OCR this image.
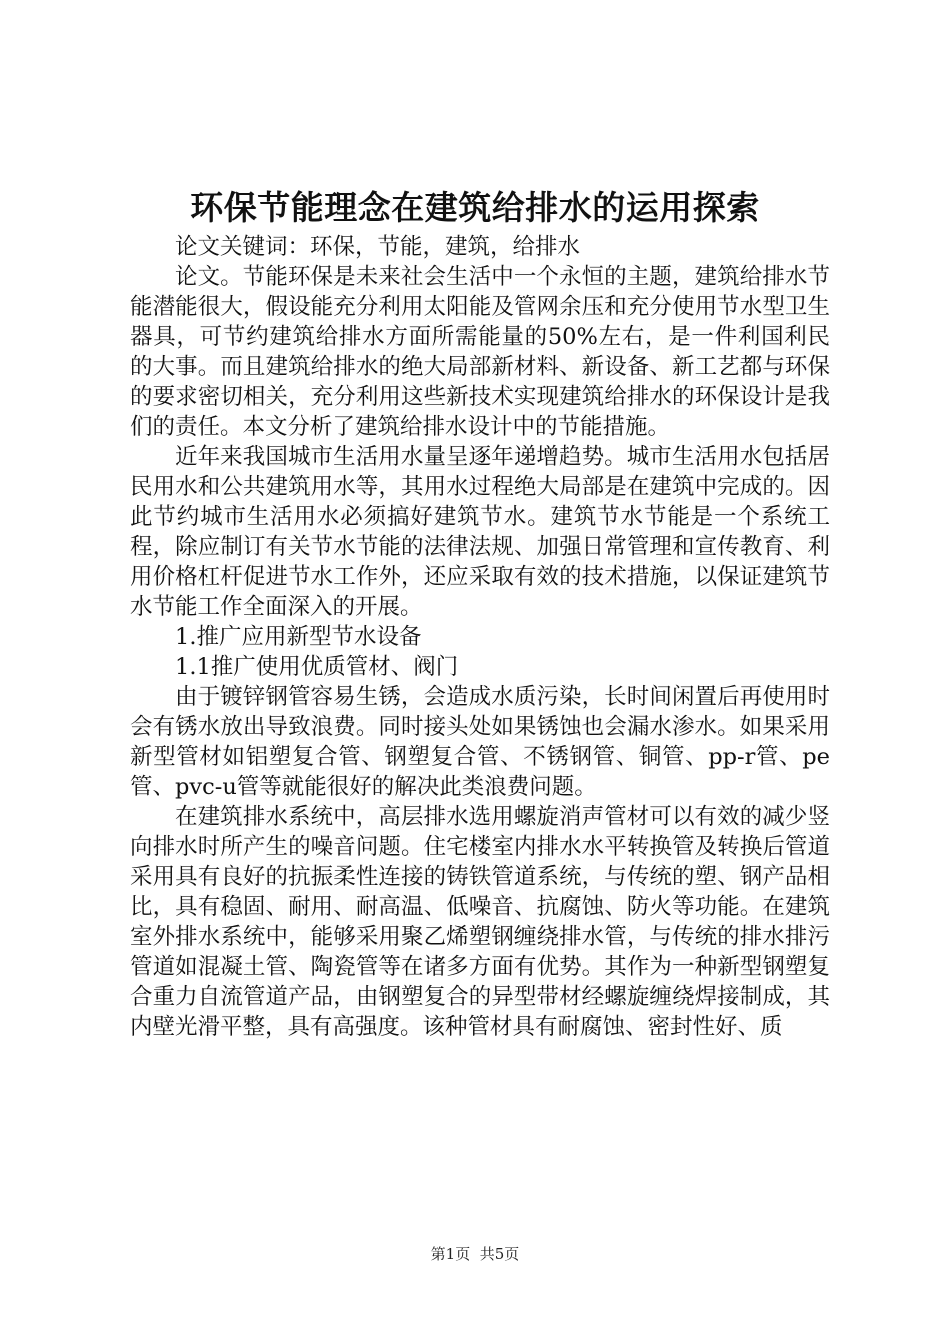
环保节能理念在建筑给排水的运用探索

论文关键词：环保，节能，建筑，给排水

论文。节能环保是未来社会生活中一个永恒的主题，建筑给排水节能潜能很大，假设能充分利用太阳能及管网余压和充分使用节水型卫生器具，可节约建筑给排水方面所需能量的50%左右，是一件利国利民的大事。而且建筑给排水的绝大局部新材料、新设备、新工艺都与环保的要求密切相关，充分利用这些新技术实现建筑给排水的环保设计是我们的责任。本文分析了建筑给排水设计中的节能措施。

近年来我国城市生活用水量呈逐年递增趋势。城市生活用水包括居民用水和公共建筑用水等，其用水过程绝大局部是在建筑中完成的。因此节约城市生活用水必须搞好建筑节水。建筑节水节能是一个系统工程，除应制订有关节水节能的法律法规、加强日常管理和宣传教育、利用价格杠杆促进节水工作外，还应采取有效的技术措施，以保证建筑节水节能工作全面深入的开展。

1.推广应用新型节水设备

1.1推广使用优质管材、阀门

由于镀锌钢管容易生锈，会造成水质污染，长时间闲置后再使用时会有锈水放出导致浪费。同时接头处如果锈蚀也会漏水渗水。如果采用新型管材如铝塑复合管、钢塑复合管、不锈钢管、铜管、pp-r管、pe管、pvc-u管等就能很好的解决此类浪费问题。

在建筑排水系统中，高层排水选用螺旋消声管材可以有效的减少竖向排水时所产生的噪音问题。住宅楼室内排水水平转换管及转换后管道采用具有良好的抗振柔性连接的铸铁管道系统，与传统的塑、钢产品相比，具有稳固、耐用、耐高温、低噪音、抗腐蚀、防火等功能。在建筑室外排水系统中，能够采用聚乙烯塑钢缠绕排水管，与传统的排水排污管道如混凝土管、陶瓷管等在诸多方面有优势。其作为一种新型钢塑复合重力自流管道产品，由钢塑复合的异型带材经螺旋缠绕焊接制成，其内壁光滑平整，具有高强度。该种管材具有耐腐蚀、密封性好、质

第1页 共5页
